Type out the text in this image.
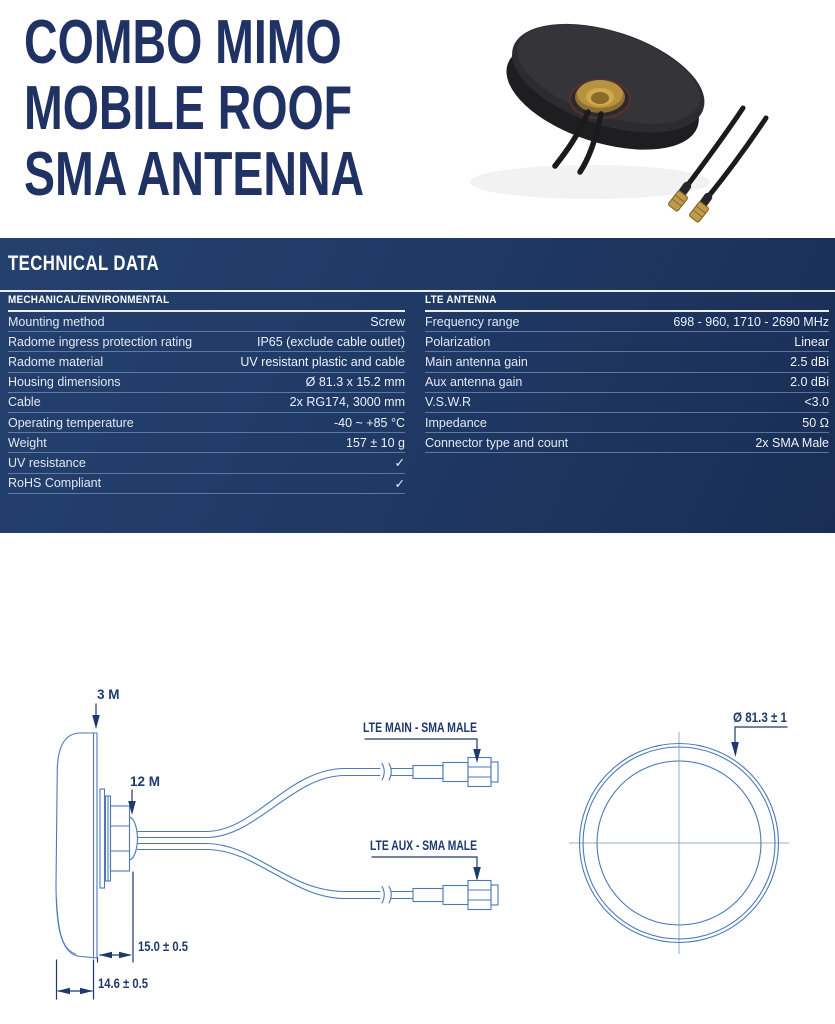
COMBO MIMO
MOBILE ROOF
SMA ANTENNA
TECHNICAL DATA
MECHANICAL/ENVIRONMENTAL
Mounting method	Screw
Radome ingress protection rating	IP65 (exclude cable outlet)
Radome material	UV resistant plastic and cable
Housing dimensions	Ø 81.3 x 15.2 mm
Cable	2x RG174, 3000 mm
Operating temperature	-40 ~ +85 °C
Weight	157 ± 10 g
UV resistance	✓
RoHS Compliant	✓
LTE ANTENNA
Frequency range	698 - 960, 1710 - 2690 MHz
Polarization	Linear
Main antenna gain	2.5 dBi
Aux antenna gain	2.0 dBi
V.S.W.R	<3.0
Impedance	50 Ω
Connector type and count	2x SMA Male
3 M
12 M
LTE MAIN - SMA MALE
LTE AUX - SMA MALE
15.0 ± 0.5
14.6 ± 0.5
Ø 81.3 ± 1
